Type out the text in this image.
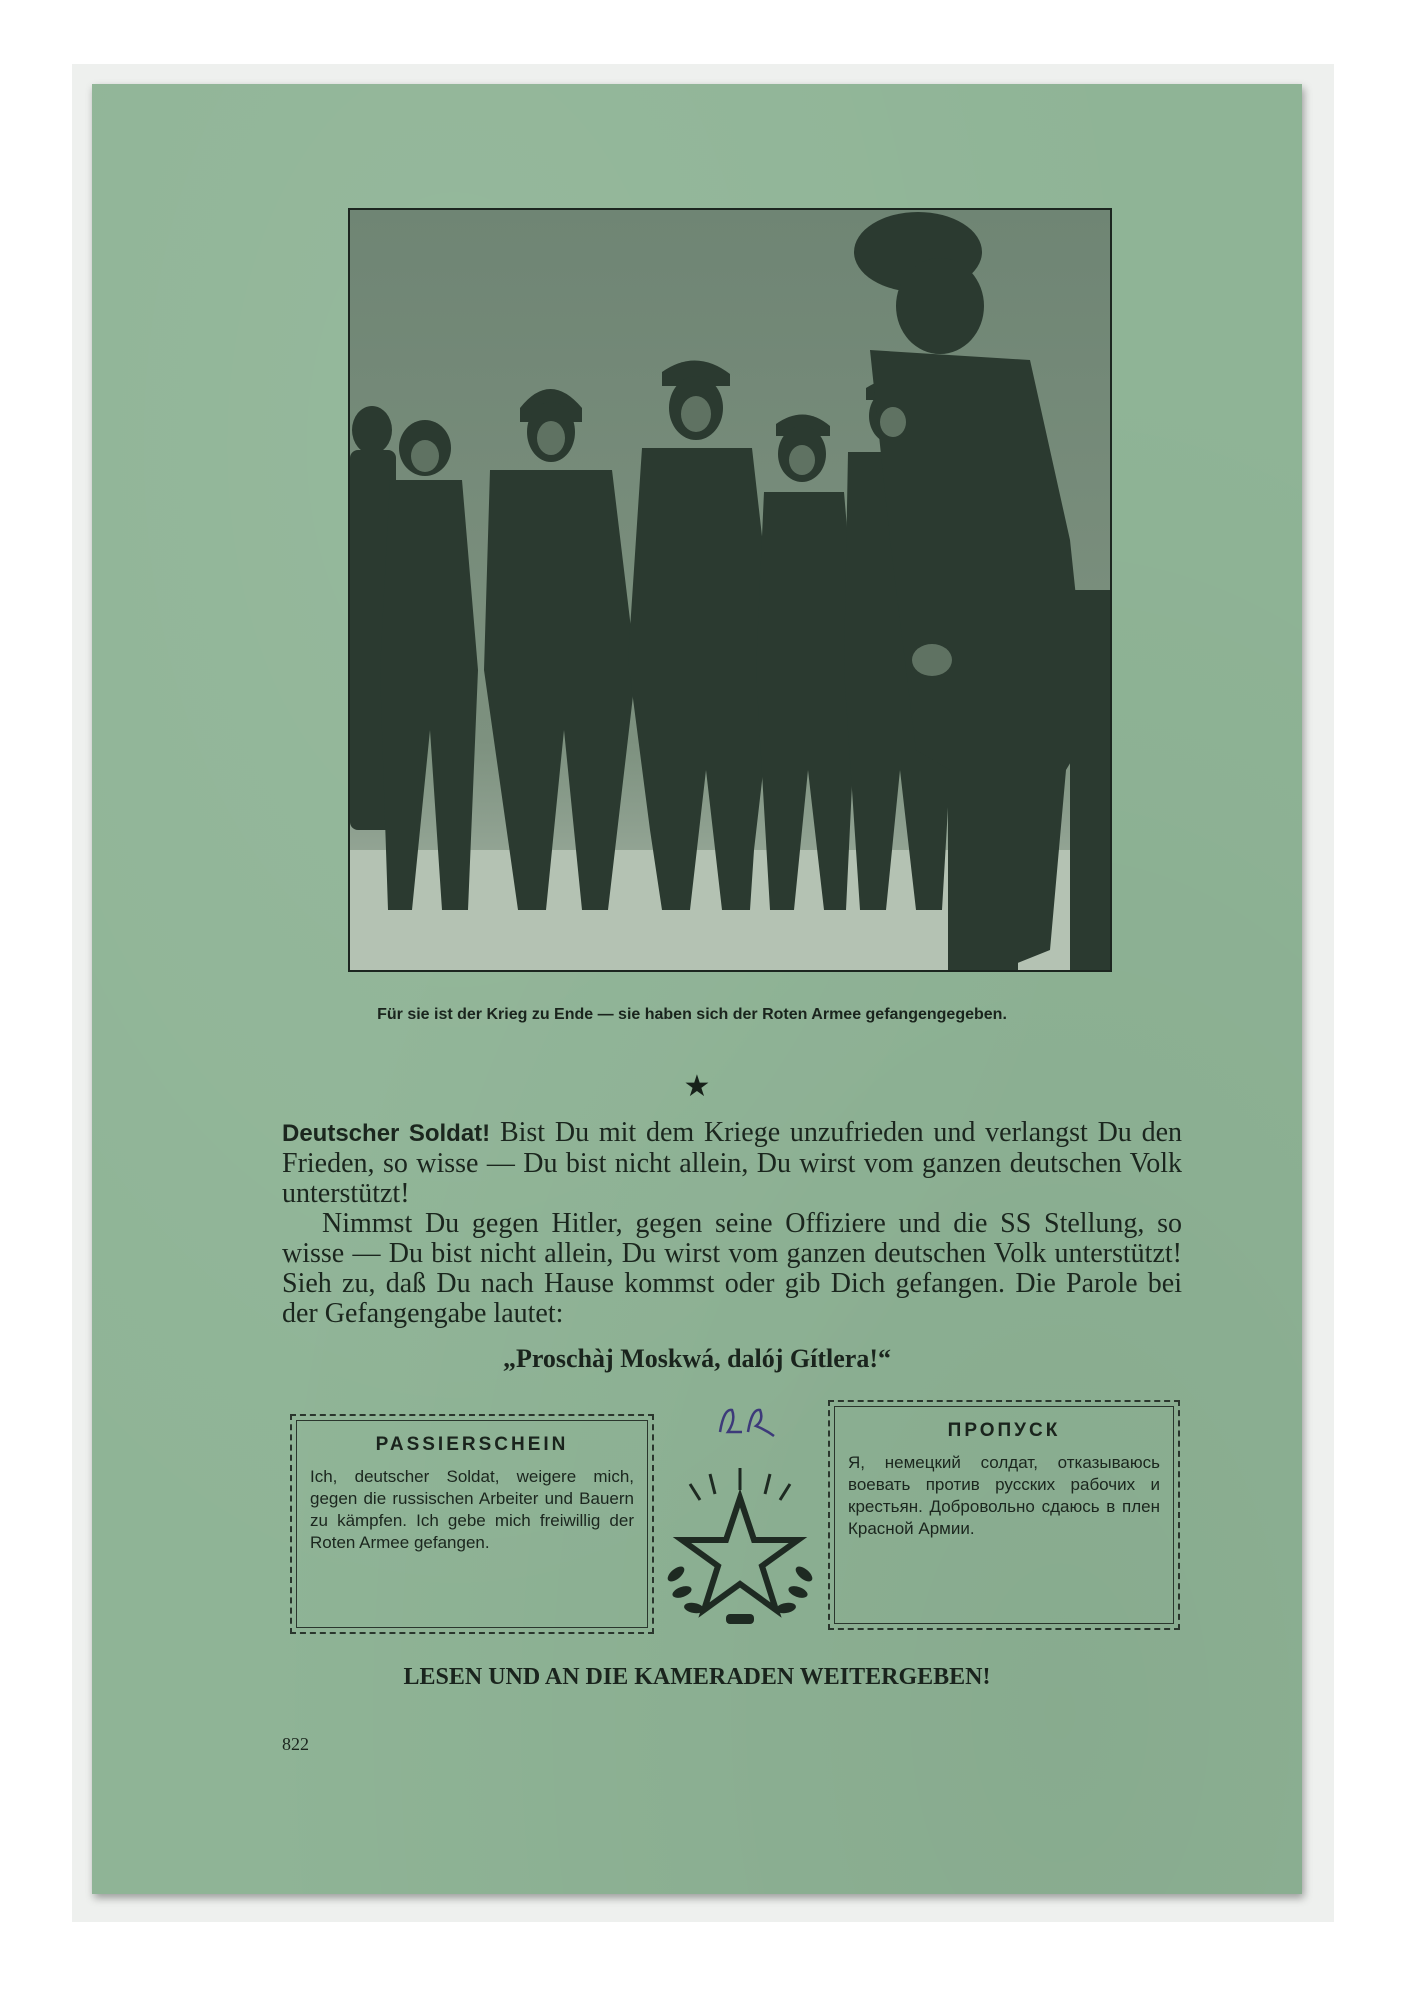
Für sie ist der Krieg zu Ende — sie haben sich der Roten Armee gefangengegeben.
★

Deutscher Soldat! Bist Du mit dem Kriege unzufrieden und verlangst Du den Frieden, so wisse — Du bist nicht allein, Du wirst vom ganzen deutschen Volk unterstützt!

Nimmst Du gegen Hitler, gegen seine Offiziere und die SS Stellung, so wisse — Du bist nicht allein, Du wirst vom ganzen deutschen Volk unterstützt! Sieh zu, daß Du nach Hause kommst oder gib Dich gefangen. Die Parole bei der Gefangengabe lautet:

„Proschàj Moskwá, dalój Gítlera!“
PASSIERSCHEIN
Ich, deutscher Soldat, weigere mich, gegen die russischen Arbeiter und Bauern zu kämpfen. Ich gebe mich freiwillig der Roten Armee gefangen.
ПРОПУСК
Я, немецкий солдат, отказываюсь воевать против русских рабочих и крестьян. Добровольно сдаюсь в плен Красной Армии.
LESEN UND AN DIE KAMERADEN WEITERGEBEN!
822
